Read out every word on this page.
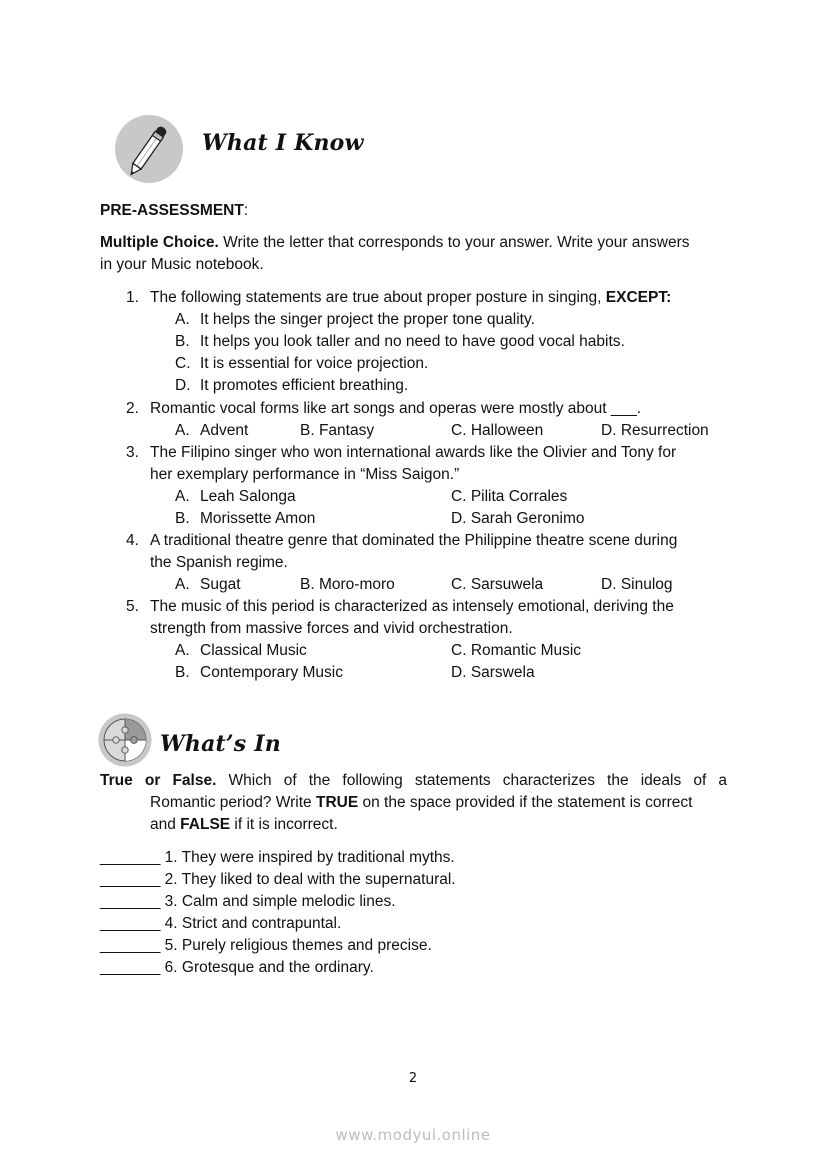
What I Know
PRE-ASSESSMENT:
Multiple Choice. Write the letter that corresponds to your answer. Write your answers
in your Music notebook.
1. The following statements are true about proper posture in singing, EXCEPT:
A. It helps the singer project the proper tone quality.
B. It helps you look taller and no need to have good vocal habits.
C. It is essential for voice projection.
D. It promotes efficient breathing.
2. Romantic vocal forms like art songs and operas were mostly about ___.
A. Advent	B. Fantasy	C. Halloween	D. Resurrection
3. The Filipino singer who won international awards like the Olivier and Tony for
her exemplary performance in “Miss Saigon.”
A. Leah Salonga
B. Morissette Amon
C. Pilita Corrales
D. Sarah Geronimo
4. A traditional theatre genre that dominated the Philippine theatre scene during
the Spanish regime.
A. Sugat	B. Moro-moro	C. Sarsuwela	D. Sinulog
5. The music of this period is characterized as intensely emotional, deriving the
strength from massive forces and vivid orchestration.
A. Classical Music
B. Contemporary Music
C. Romantic Music
D. Sarswela
What’s In
True or False. Which of the following statements characterizes the ideals of a
Romantic period? Write TRUE on the space provided if the statement is correct
and FALSE if it is incorrect.
_______ 1. They were inspired by traditional myths.
_______ 2. They liked to deal with the supernatural.
_______ 3. Calm and simple melodic lines.
_______ 4. Strict and contrapuntal.
_______ 5. Purely religious themes and precise.
_______ 6. Grotesque and the ordinary.
2
www.modyul.online
